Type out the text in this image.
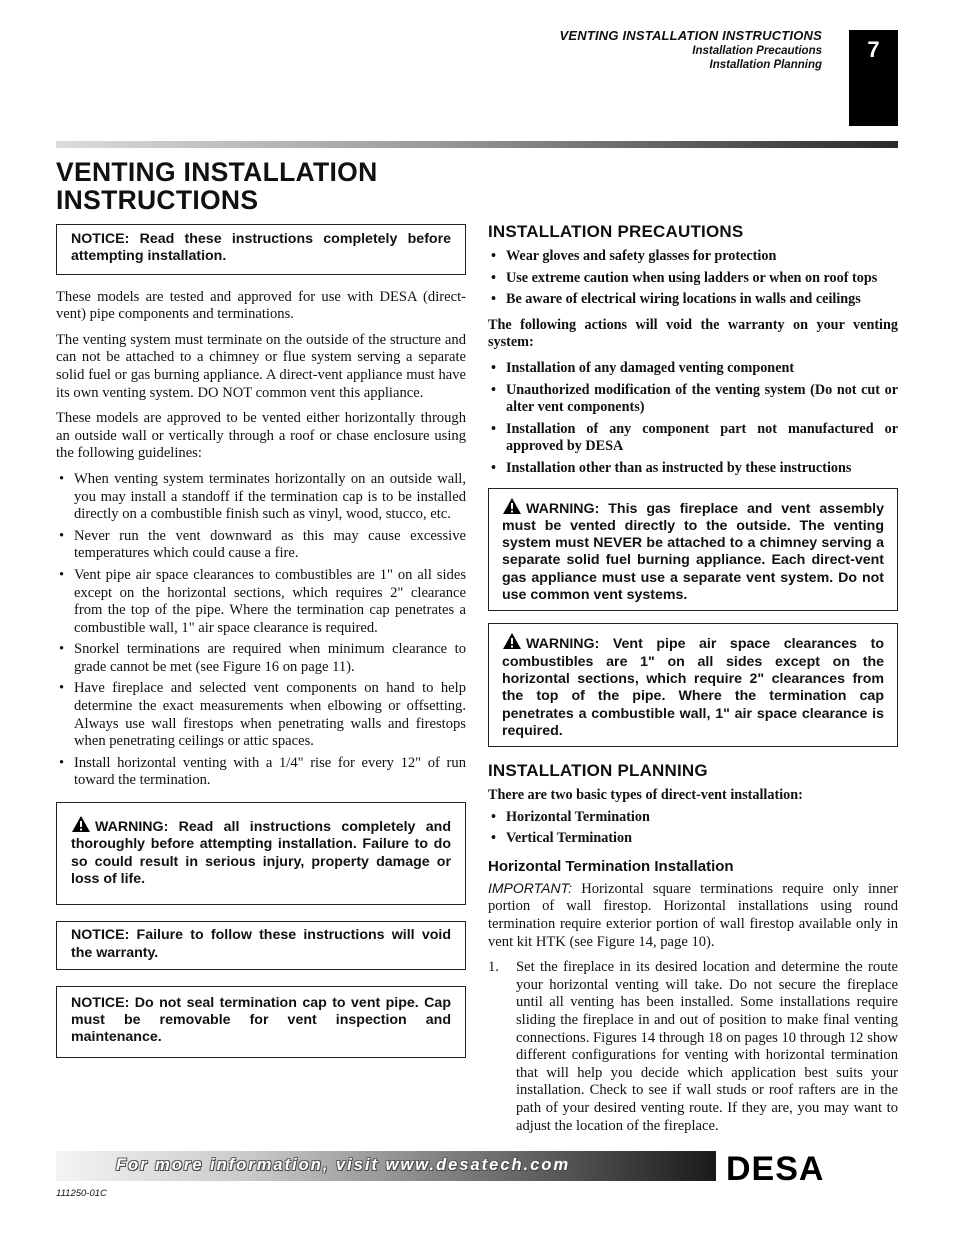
VENTING INSTALLATION INSTRUCTIONS
Installation Precautions
Installation Planning
7
VENTING INSTALLATION
INSTRUCTIONS
NOTICE: Read these instructions completely before attempting installation.

These models are tested and approved for use with DESA (direct-vent) pipe components and terminations.

The venting system must terminate on the outside of the structure and can not be attached to a chimney or flue system serving a separate solid fuel or gas burning appliance. A direct-vent appliance must have its own venting system. DO NOT common vent this appliance.

These models are approved to be vented either horizontally through an outside wall or vertically through a roof or chase enclosure using the following guidelines:

• When venting system terminates horizontally on an outside wall, you may install a standoff if the termination cap is to be installed directly on a combustible finish such as vinyl, wood, stucco, etc.
• Never run the vent downward as this may cause excessive temperatures which could cause a fire.
• Vent pipe air space clearances to combustibles are 1" on all sides except on the horizontal sections, which requires 2" clearance from the top of the pipe. Where the termination cap penetrates a combustible wall, 1" air space clearance is required.
• Snorkel terminations are required when minimum clearance to grade cannot be met (see Figure 16 on page 11).
• Have fireplace and selected vent components on hand to help determine the exact measurements when elbowing or offsetting. Always use wall firestops when penetrating walls and firestops when penetrating ceilings or attic spaces.
• Install horizontal venting with a 1/4" rise for every 12" of run toward the termination.
WARNING: Read all instructions completely and thoroughly before attempting installation. Failure to do so could result in serious injury, property damage or loss of life.
NOTICE: Failure to follow these instructions will void the warranty.
NOTICE: Do not seal termination cap to vent pipe. Cap must be removable for vent inspection and maintenance.
INSTALLATION PRECAUTIONS
• Wear gloves and safety glasses for protection
• Use extreme caution when using ladders or when on roof tops
• Be aware of electrical wiring locations in walls and ceilings

The following actions will void the warranty on your venting system:

• Installation of any damaged venting component
• Unauthorized modification of the venting system (Do not cut or alter vent components)
• Installation of any component part not manufactured or approved by DESA
• Installation other than as instructed by these instructions
WARNING: This gas fireplace and vent assembly must be vented directly to the outside. The venting system must NEVER be attached to a chimney serving a separate solid fuel burning appliance. Each direct-vent gas appliance must use a separate vent system. Do not use common vent systems.
WARNING: Vent pipe air space clearances to combustibles are 1" on all sides except on the horizontal sections, which require 2" clearances from the top of the pipe. Where the termination cap penetrates a combustible wall, 1" air space clearance is required.
INSTALLATION PLANNING

There are two basic types of direct-vent installation:

• Horizontal Termination
• Vertical Termination
Horizontal Termination Installation

IMPORTANT: Horizontal square terminations require only inner portion of wall firestop. Horizontal installations using round termination require exterior portion of wall firestop available only in vent kit HTK (see Figure 14, page 10).

1. Set the fireplace in its desired location and determine the route your horizontal venting will take. Do not secure the fireplace until all venting has been installed. Some installations require sliding the fireplace in and out of position to make final venting connections. Figures 14 through 18 on pages 10 through 12 show different configurations for venting with horizontal termination that will help you decide which application best suits your installation. Check to see if wall studs or roof rafters are in the path of your desired venting route. If they are, you may want to adjust the location of the fireplace.
For more information, visit www.desatech.com	DESA
111250-01C
